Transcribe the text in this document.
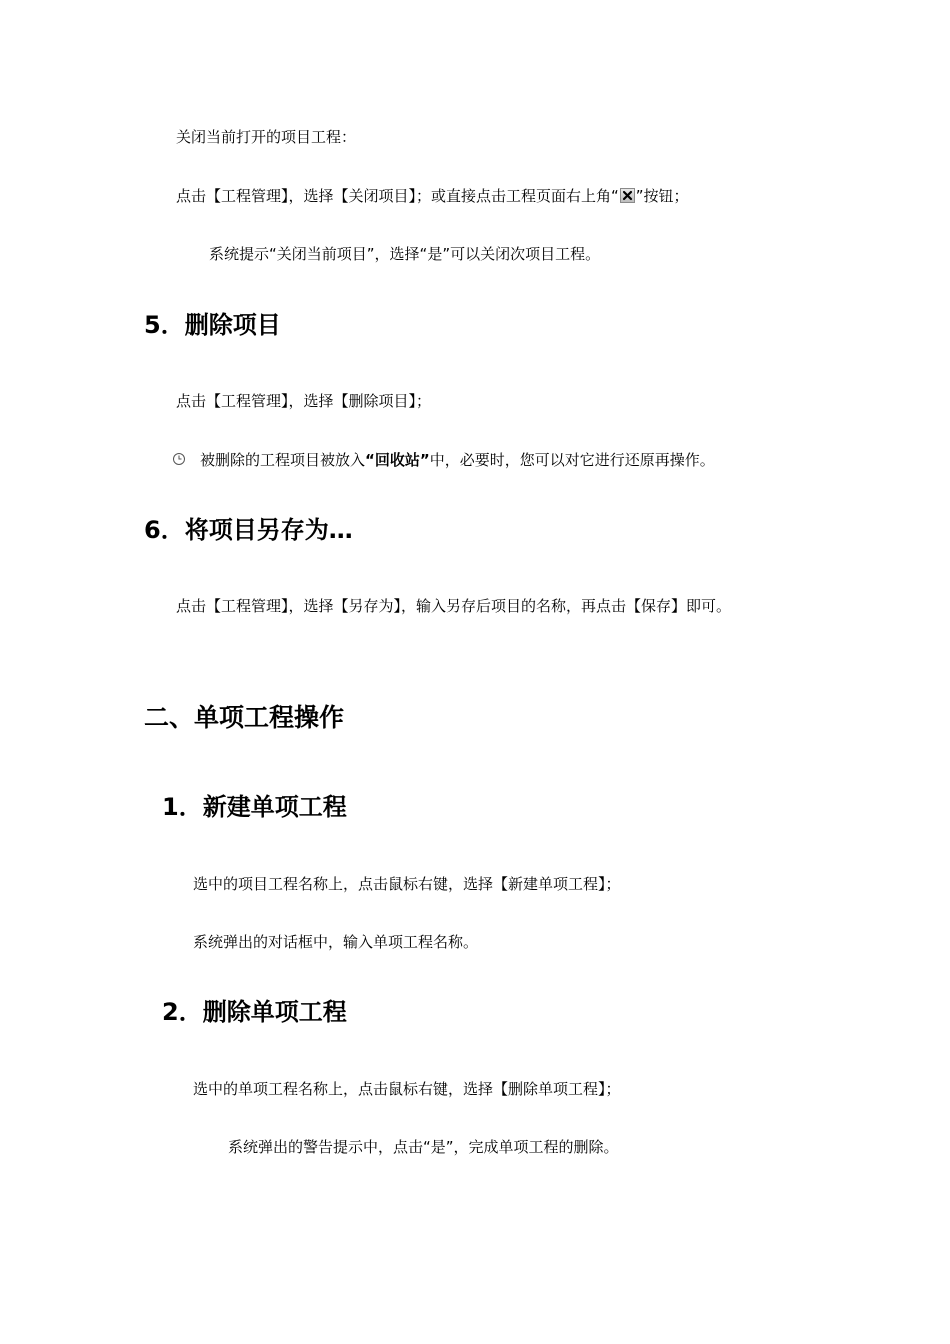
关闭当前打开的项目工程：
点击【工程管理】，选择【关闭项目】；或直接点击工程页面右上角“ ”按钮；
系统提示“关闭当前项目”，选择“是”可以关闭次项目工程。
5．删除项目
点击【工程管理】，选择【删除项目】；
被删除的工程项目被放入“回收站”中，必要时，您可以对它进行还原再操作。
6．将项目另存为…
点击【工程管理】，选择【另存为】，输入另存后项目的名称，再点击【保存】即可。
二、单项工程操作
1．新建单项工程
选中的项目工程名称上，点击鼠标右键，选择【新建单项工程】；
系统弹出的对话框中，输入单项工程名称。
2．删除单项工程
选中的单项工程名称上，点击鼠标右键，选择【删除单项工程】；
系统弹出的警告提示中，点击“是”，完成单项工程的删除。
